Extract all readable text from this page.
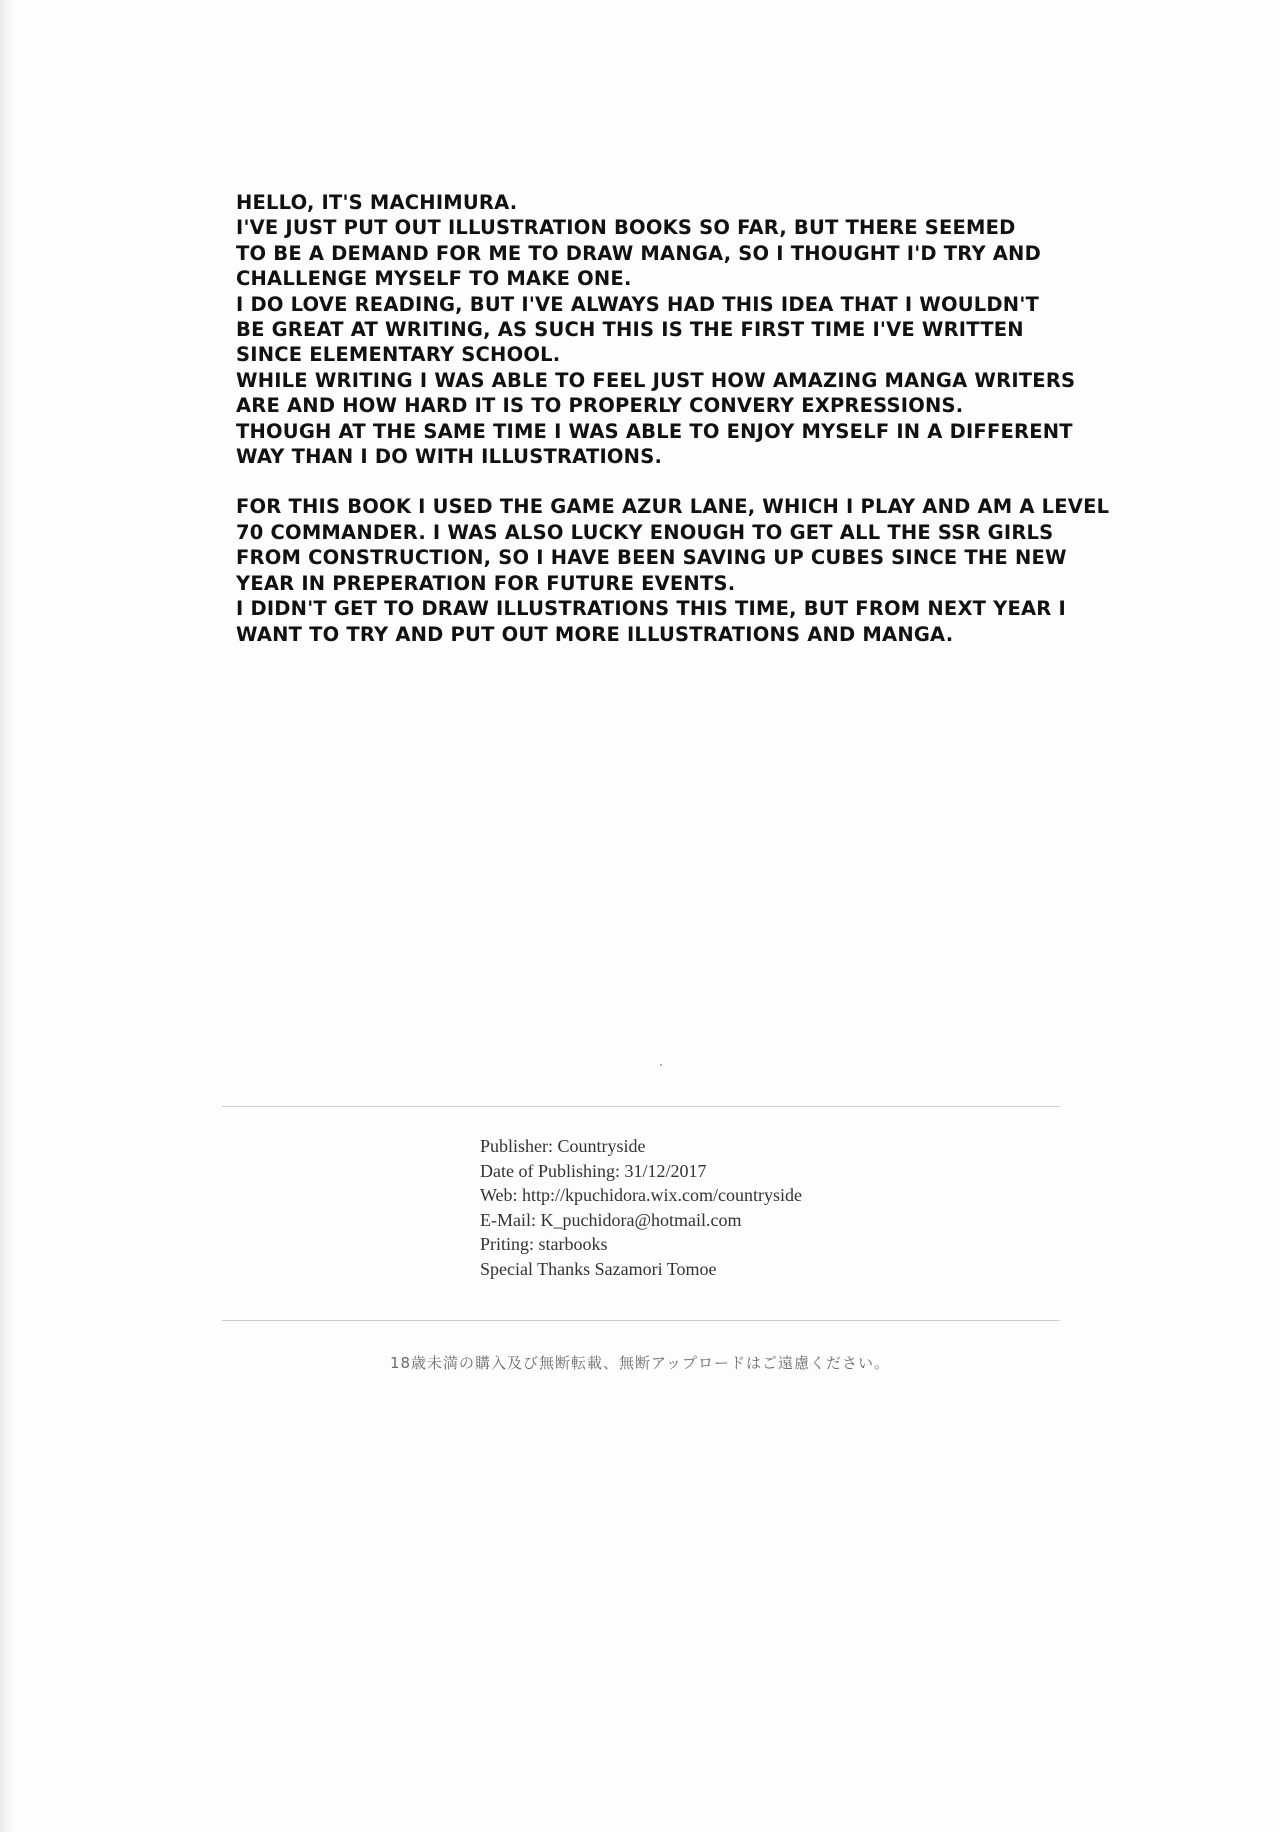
HELLO, IT'S MACHIMURA.
I'VE JUST PUT OUT ILLUSTRATION BOOKS SO FAR, BUT THERE SEEMED
TO BE A DEMAND FOR ME TO DRAW MANGA, SO I THOUGHT I'D TRY AND
CHALLENGE MYSELF TO MAKE ONE.
I DO LOVE READING, BUT I'VE ALWAYS HAD THIS IDEA THAT I WOULDN'T
BE GREAT AT WRITING, AS SUCH THIS IS THE FIRST TIME I'VE WRITTEN
SINCE ELEMENTARY SCHOOL.
WHILE WRITING I WAS ABLE TO FEEL JUST HOW AMAZING MANGA WRITERS
ARE AND HOW HARD IT IS TO PROPERLY CONVERY EXPRESSIONS.
THOUGH AT THE SAME TIME I WAS ABLE TO ENJOY MYSELF IN A DIFFERENT
WAY THAN I DO WITH ILLUSTRATIONS.

FOR THIS BOOK I USED THE GAME AZUR LANE, WHICH I PLAY AND AM A LEVEL
70 COMMANDER. I WAS ALSO LUCKY ENOUGH TO GET ALL THE SSR GIRLS
FROM CONSTRUCTION, SO I HAVE BEEN SAVING UP CUBES SINCE THE NEW
YEAR IN PREPERATION FOR FUTURE EVENTS.
I DIDN'T GET TO DRAW ILLUSTRATIONS THIS TIME, BUT FROM NEXT YEAR I
WANT TO TRY AND PUT OUT MORE ILLUSTRATIONS AND MANGA.

Publisher: Countryside
Date of Publishing: 31/12/2017
Web: http://kpuchidora.wix.com/countryside
E-Mail: K_puchidora@hotmail.com
Priting: starbooks
Special Thanks Sazamori Tomoe
18歳未満の購入及び無断転載、無断アップロードはご遠慮ください。
